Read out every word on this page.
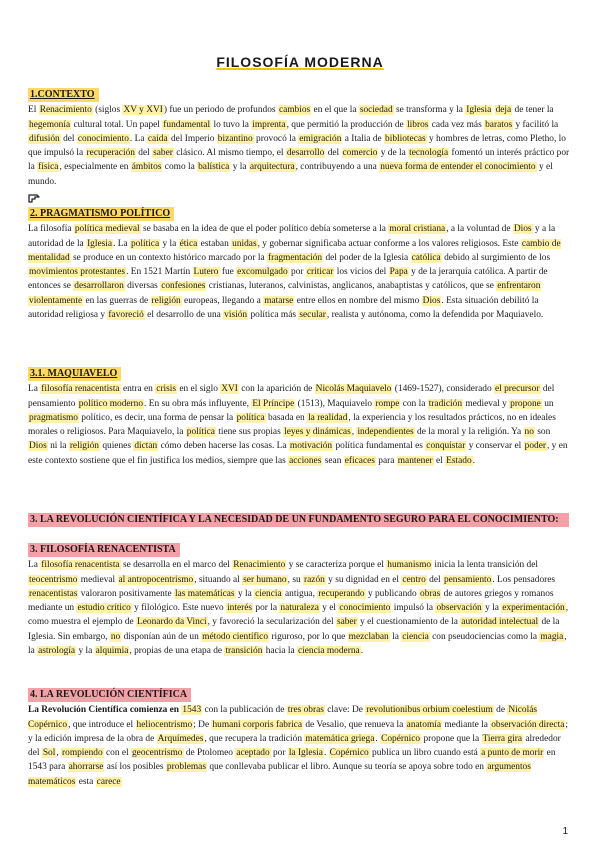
FILOSOFÍA MODERNA
1.CONTEXTO

El Renacimiento (siglos XV y XVI) fue un periodo de profundos cambios en el que la sociedad se transforma y la Iglesia deja de tener la hegemonía cultural total. Un papel fundamental lo tuvo la imprenta, que permitió la producción de libros cada vez más baratos y facilitó la difusión del conocimiento. La caída del Imperio bizantino provocó la emigración a Italia de bibliotecas y hombres de letras, como Pletho, lo que impulsó la recuperación del saber clásico. Al mismo tiempo, el desarrollo del comercio y de la tecnología fomentó un interés práctico por la física, especialmente en ámbitos como la balística y la arquitectura, contribuyendo a una nueva forma de entender el conocimiento y el mundo.

2. PRAGMATISMO POLÍTICO

La filosofía política medieval se basaba en la idea de que el poder político debía someterse a la moral cristiana, a la voluntad de Dios y a la autoridad de la Iglesia. La política y la ética estaban unidas, y gobernar significaba actuar conforme a los valores religiosos. Este cambio de mentalidad se produce en un contexto histórico marcado por la fragmentación del poder de la Iglesia católica debido al surgimiento de los movimientos protestantes. En 1521 Martín Lutero fue excomulgado por criticar los vicios del Papa y de la jerarquía católica. A partir de entonces se desarrollaron diversas confesiones cristianas, luteranos, calvinistas, anglicanos, anabaptistas y católicos, que se enfrentaron violentamente en las guerras de religión europeas, llegando a matarse entre ellos en nombre del mismo Dios. Esta situación debilitó la autoridad religiosa y favoreció el desarrollo de una visión política más secular, realista y autónoma, como la defendida por Maquiavelo.

3.1. MAQUIAVELO

La filosofía renacentista entra en crisis en el siglo XVI con la aparición de Nicolás Maquiavelo (1469-1527), considerado el precursor del pensamiento político moderno. En su obra más influyente, El Príncipe (1513), Maquiavelo rompe con la tradición medieval y propone un pragmatismo político, es decir, una forma de pensar la política basada en la realidad, la experiencia y los resultados prácticos, no en ideales morales o religiosos. Para Maquiavelo, la política tiene sus propias leyes y dinámicas, independientes de la moral y la religión. Ya no son Dios ni la religión quienes dictan cómo deben hacerse las cosas. La motivación política fundamental es conquistar y conservar el poder, y en este contexto sostiene que el fin justifica los medios, siempre que las acciones sean eficaces para mantener el Estado.

3. LA REVOLUCIÓN CIENTÍFICA Y LA NECESIDAD DE UN FUNDAMENTO SEGURO PARA EL CONOCIMIENTO:
3. FILOSOFÍA RENACENTISTA

La filosofía renacentista se desarrolla en el marco del Renacimiento y se caracteriza porque el humanismo inicia la lenta transición del teocentrismo medieval al antropocentrismo, situando al ser humano, su razón y su dignidad en el centro del pensamiento. Los pensadores renacentistas valoraron positivamente las matemáticas y la ciencia antigua, recuperando y publicando obras de autores griegos y romanos mediante un estudio crítico y filológico. Este nuevo interés por la naturaleza y el conocimiento impulsó la observación y la experimentación, como muestra el ejemplo de Leonardo da Vinci, y favoreció la secularización del saber y el cuestionamiento de la autoridad intelectual de la Iglesia. Sin embargo, no disponían aún de un método científico riguroso, por lo que mezclaban la ciencia con pseudociencias como la magia, la astrología y la alquimia, propias de una etapa de transición hacia la ciencia moderna.

4. LA REVOLUCIÓN CIENTÍFICA

La Revolución Científica comienza en 1543 con la publicación de tres obras clave: De revolutionibus orbium coelestium de Nicolás Copérnico, que introduce el heliocentrismo; De humani corporis fabrica de Vesalio, que renueva la anatomía mediante la observación directa; y la edición impresa de la obra de Arquímedes, que recupera la tradición matemática griega. Copérnico propone que la Tierra gira alrededor del Sol, rompiendo con el geocentrismo de Ptolomeo aceptado por la Iglesia. Copérnico publica un libro cuando está a punto de morir en 1543 para ahorrarse así los posibles problemas que conllevaba publicar el libro. Aunque su teoría se apoya sobre todo en argumentos matemáticos esta carece

1
